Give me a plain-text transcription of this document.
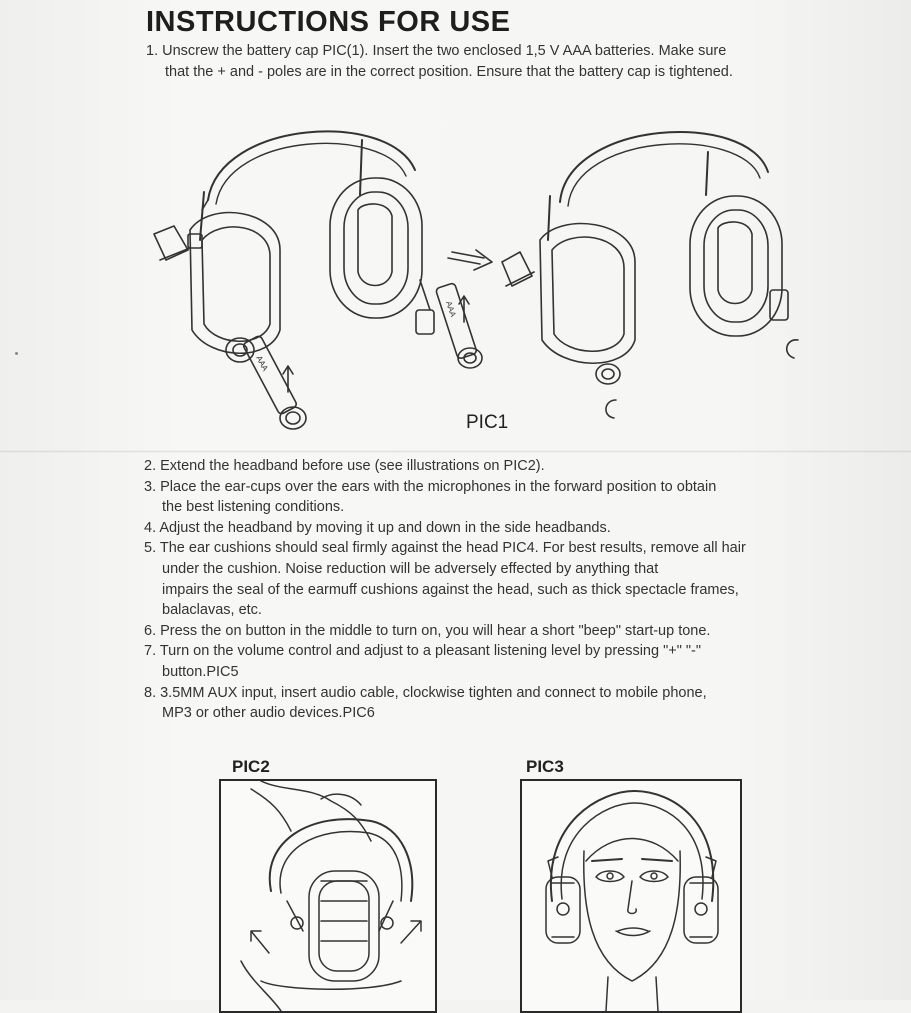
INSTRUCTIONS FOR USE
1. Unscrew the battery cap PIC(1). Insert the two enclosed 1,5 V AAA batteries. Make sure
that the + and - poles are in the correct position. Ensure that the battery cap is tightened.
AAA
AAA
PIC1
2. Extend the headband before use (see illustrations on PIC2).
3. Place the ear-cups over the ears with the microphones in the forward position to obtain
the best listening conditions.
4. Adjust the headband by moving it up and down in the side headbands.
5. The ear cushions should seal firmly against the head PIC4. For best results, remove all hair
under the cushion. Noise reduction will be adversely effected by anything that
impairs the seal of the earmuff cushions against the head, such as thick spectacle frames,
balaclavas, etc.
6. Press the on button in the middle to turn on, you will hear a short "beep" start-up tone.
7. Turn on the volume control and adjust to a pleasant listening level by pressing "+" "-"
button.PIC5
8. 3.5MM AUX input, insert audio cable, clockwise tighten and connect to mobile phone,
MP3 or other audio devices.PIC6
PIC2	PIC3
